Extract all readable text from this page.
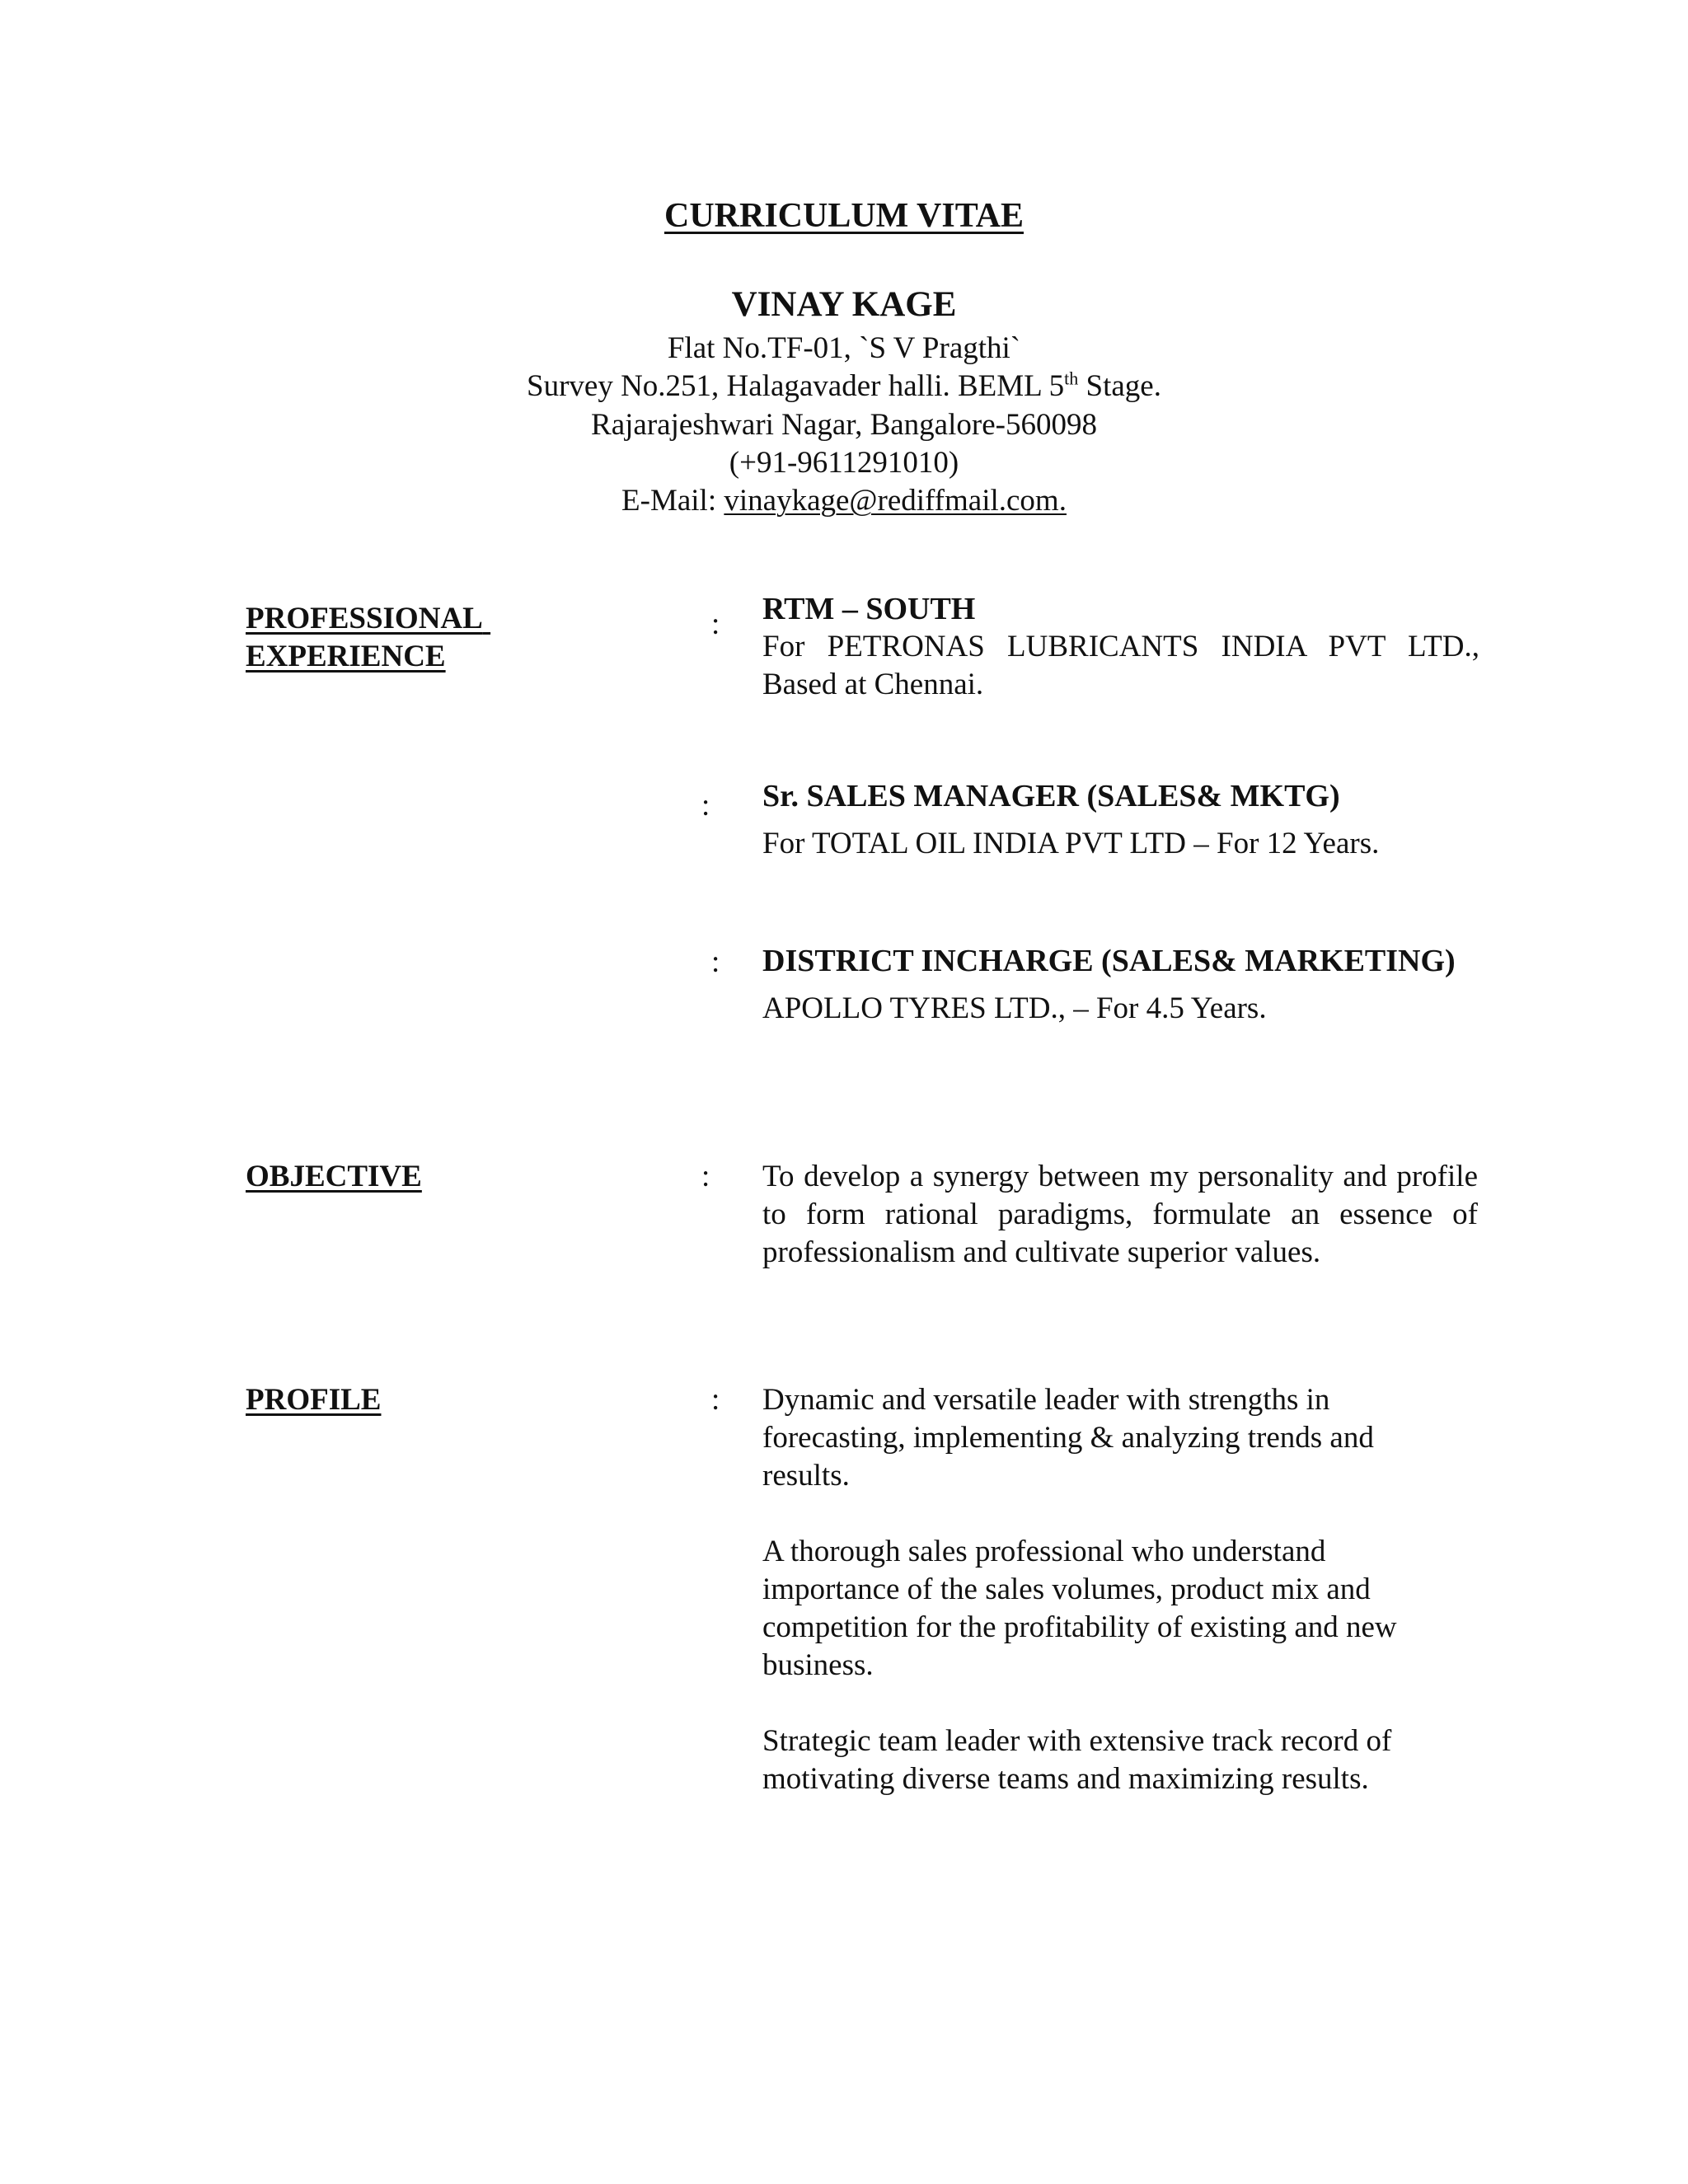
CURRICULUM VITAE
VINAY KAGE
Flat No.TF-01, `S V Pragthi`
Survey No.251, Halagavader halli. BEML 5th Stage.
Rajarajeshwari Nagar, Bangalore-560098
(+91-9611291010)
E-Mail: vinaykage@rediffmail.com.
PROFESSIONAL
EXPERIENCE
: RTM – SOUTH
For PETRONAS LUBRICANTS INDIA PVT LTD.,
Based at Chennai.
: Sr. SALES MANAGER (SALES& MKTG)
For TOTAL OIL INDIA PVT LTD – For 12 Years.
: DISTRICT INCHARGE (SALES& MARKETING)
APOLLO TYRES LTD., – For 4.5 Years.
OBJECTIVE	: To develop a synergy between my personality and profile to form rational paradigms, formulate an essence of professionalism and cultivate superior values.
PROFILE	: Dynamic and versatile leader with strengths in forecasting, implementing & analyzing trends and results.

A thorough sales professional who understand importance of the sales volumes, product mix and competition for the profitability of existing and new business.

Strategic team leader with extensive track record of motivating diverse teams and maximizing results.
